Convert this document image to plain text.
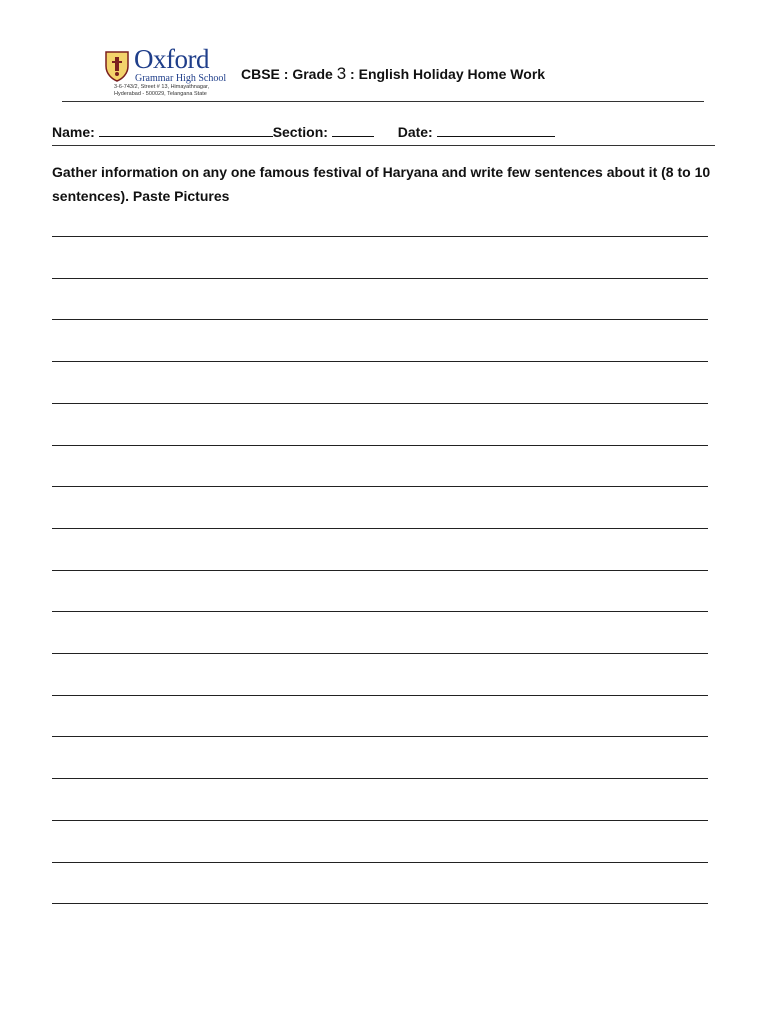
Oxford
Grammar High School
3-6-743/2, Street # 13, Himayathnagar,
Hyderabad - 500029, Telangana State
CBSE : Grade 3 : English Holiday Home Work
Name:	Section:	Date:

Gather information on any one famous festival of Haryana and write few sentences about it (8 to 10 sentences). Paste Pictures
